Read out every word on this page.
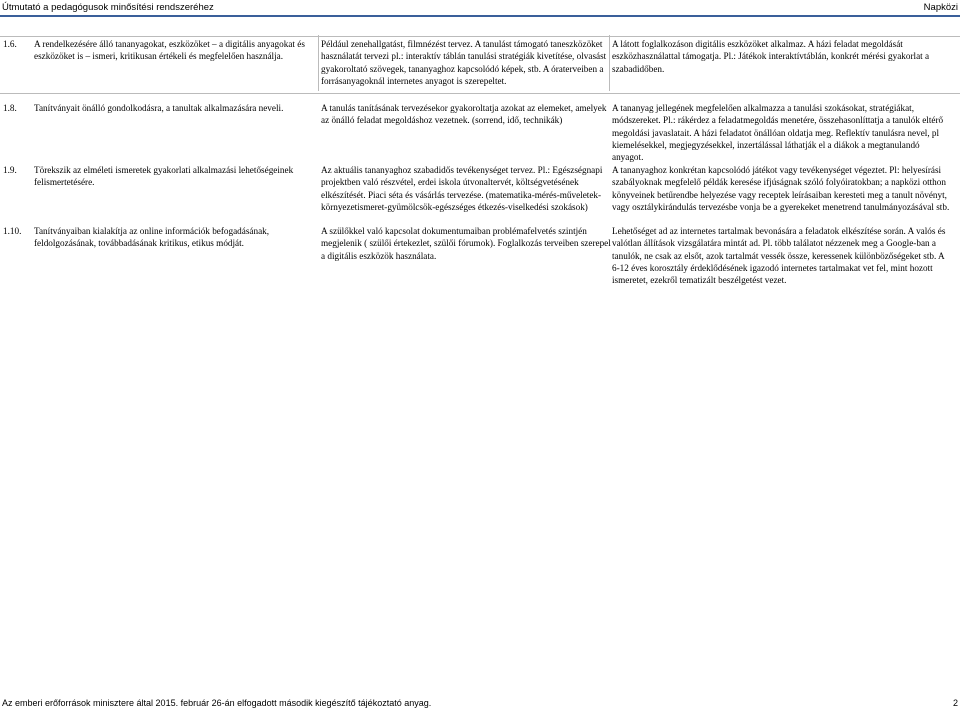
Útmutató a pedagógusok minősítési rendszeréhez	Napközi
1.6.	A rendelkezésére álló tananyagokat, eszközöket – a digitális anyagokat és eszközöket is – ismeri, kritikusan értékeli és megfelelően használja.
Például zenehallgatást, filmnézést tervez. A tanulást támogató taneszközöket használatát tervezi pl.: interaktív táblán tanulási stratégiák kivetítése, olvasást gyakoroltató szövegek, tananyaghoz kapcsolódó képek, stb. A óraterveiben a forrásanyagoknál internetes anyagot is szerepeltet.
A látott foglalkozáson digitális eszközöket alkalmaz. A házi feladat megoldását eszközhasználattal támogatja. Pl.: Játékok interaktívtáblán, konkrét mérési gyakorlat a szabadidőben.
1.8.	Tanítványait önálló gondolkodásra, a tanultak alkalmazására neveli.	A tanulás tanításának tervezésekor gyakoroltatja azokat az elemeket, amelyek az önálló feladat megoldáshoz vezetnek. (sorrend, idő, technikák)
A tananyag jellegének megfelelően alkalmazza a tanulási szokásokat, stratégiákat, módszereket. Pl.: rákérdez a feladatmegoldás menetére, összehasonlíttatja a tanulók eltérő megoldási javaslatait. A házi feladatot önállóan oldatja meg. Reflektív tanulásra nevel, pl kiemelésekkel, megjegyzésekkel, inzertálással láthatják el a diákok a megtanulandó anyagot.
1.9.	Törekszik az elméleti ismeretek gyakorlati alkalmazási lehetőségeinek felismertetésére.
Az aktuális tananyaghoz szabadidős tevékenységet tervez. Pl.: Egészségnapi projektben való részvétel, erdei iskola útvonaltervét, költségvetésének elkészítését. Piaci séta és vásárlás tervezése. (matematika-mérés-műveletek-környezetismeret-gyümölcsök-egészséges étkezés-viselkedési szokások)
A tananyaghoz konkrétan kapcsolódó játékot vagy tevékenységet végeztet. Pl: helyesírási szabályoknak megfelelő példák keresése ifjúságnak szóló folyóiratokban; a napközi otthon könyveinek betűrendbe helyezése vagy receptek leírásaiban keresteti meg a tanult növényt, vagy osztálykirándulás tervezésbe vonja be a gyerekeket menetrend tanulmányozásával stb.
1.10.	Tanítványaiban kialakítja az online információk befogadásának, feldolgozásának, továbbadásának kritikus, etikus módját.
A szülőkkel való kapcsolat dokumentumaiban problémafelvetés szintjén megjelenik ( szülői értekezlet, szülői fórumok). Foglalkozás terveiben szerepel a digitális eszközök használata.
Lehetőséget ad az internetes tartalmak bevonására a feladatok elkészítése során. A valós és valótlan állítások vizsgálatára mintát ad. Pl. több találatot nézzenek meg a Google-ban a tanulók, ne csak az elsőt, azok tartalmát vessék össze, keressenek különbözőségeket stb. A 6-12 éves korosztály érdeklődésének igazodó internetes tartalmakat vet fel, mint hozott ismeretet, ezekről tematizált beszélgetést vezet.
Az emberi erőforrások minisztere által 2015. február 26-án elfogadott második kiegészítő tájékoztató anyag.	2
